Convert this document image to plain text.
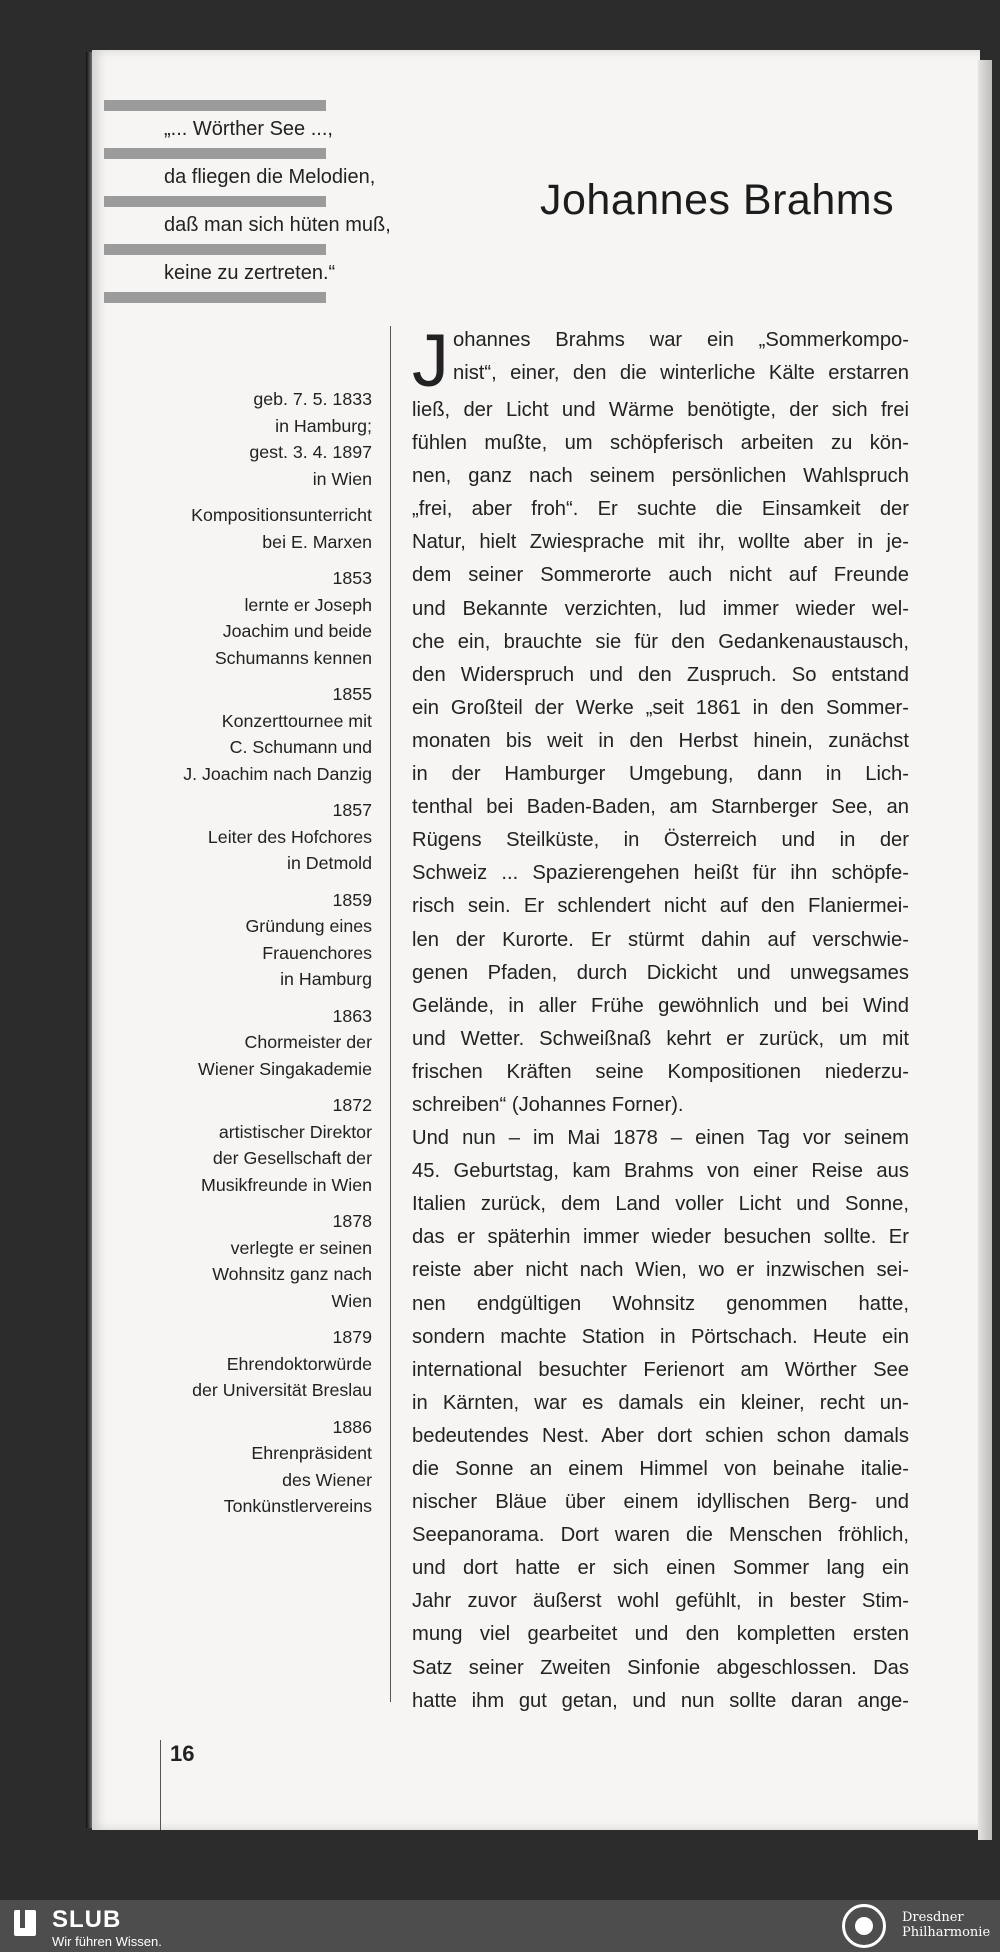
„... Wörther See ...,
da fliegen die Melodien,
daß man sich hüten muß,
keine zu zertreten.“
Johannes Brahms
geb. 7. 5. 1833
in Hamburg;
gest. 3. 4. 1897
in Wien
Kompositionsunterricht
bei E. Marxen
1853
lernte er Joseph
Joachim und beide
Schumanns kennen
1855
Konzerttournee mit
C. Schumann und
J. Joachim nach Danzig
1857
Leiter des Hofchores
in Detmold
1859
Gründung eines
Frauenchores
in Hamburg
1863
Chormeister der
Wiener Singakademie
1872
artistischer Direktor
der Gesellschaft der
Musikfreunde in Wien
1878
verlegte er seinen
Wohnsitz ganz nach
Wien
1879
Ehrendoktorwürde
der Universität Breslau
1886
Ehrenpräsident
des Wiener
Tonkünstlervereins
J ohannes Brahms war ein „Sommerkompo-
nist“, einer, den die winterliche Kälte erstarren
ließ, der Licht und Wärme benötigte, der sich frei
fühlen mußte, um schöpferisch arbeiten zu kön-
nen, ganz nach seinem persönlichen Wahlspruch
„frei, aber froh“. Er suchte die Einsamkeit der
Natur, hielt Zwiesprache mit ihr, wollte aber in je-
dem seiner Sommerorte auch nicht auf Freunde
und Bekannte verzichten, lud immer wieder wel-
che ein, brauchte sie für den Gedankenaustausch,
den Widerspruch und den Zuspruch. So entstand
ein Großteil der Werke „seit 1861 in den Sommer-
monaten bis weit in den Herbst hinein, zunächst
in der Hamburger Umgebung, dann in Lich-
tenthal bei Baden-Baden, am Starnberger See, an
Rügens Steilküste, in Österreich und in der
Schweiz ... Spazierengehen heißt für ihn schöpfe-
risch sein. Er schlendert nicht auf den Flaniermei-
len der Kurorte. Er stürmt dahin auf verschwie-
genen Pfaden, durch Dickicht und unwegsames
Gelände, in aller Frühe gewöhnlich und bei Wind
und Wetter. Schweißnaß kehrt er zurück, um mit
frischen Kräften seine Kompositionen niederzu-
schreiben“ (Johannes Forner).
Und nun – im Mai 1878 – einen Tag vor seinem
45. Geburtstag, kam Brahms von einer Reise aus
Italien zurück, dem Land voller Licht und Sonne,
das er späterhin immer wieder besuchen sollte. Er
reiste aber nicht nach Wien, wo er inzwischen sei-
nen endgültigen Wohnsitz genommen hatte,
sondern machte Station in Pörtschach. Heute ein
international besuchter Ferienort am Wörther See
in Kärnten, war es damals ein kleiner, recht un-
bedeutendes Nest. Aber dort schien schon damals
die Sonne an einem Himmel von beinahe italie-
nischer Bläue über einem idyllischen Berg- und
Seepanorama. Dort waren die Menschen fröhlich,
und dort hatte er sich einen Sommer lang ein
Jahr zuvor äußerst wohl gefühlt, in bester Stim-
mung viel gearbeitet und den kompletten ersten
Satz seiner Zweiten Sinfonie abgeschlossen. Das
hatte ihm gut getan, und nun sollte daran ange-
16
SLUB
Wir führen Wissen.
Dresdner
Philharmonie
